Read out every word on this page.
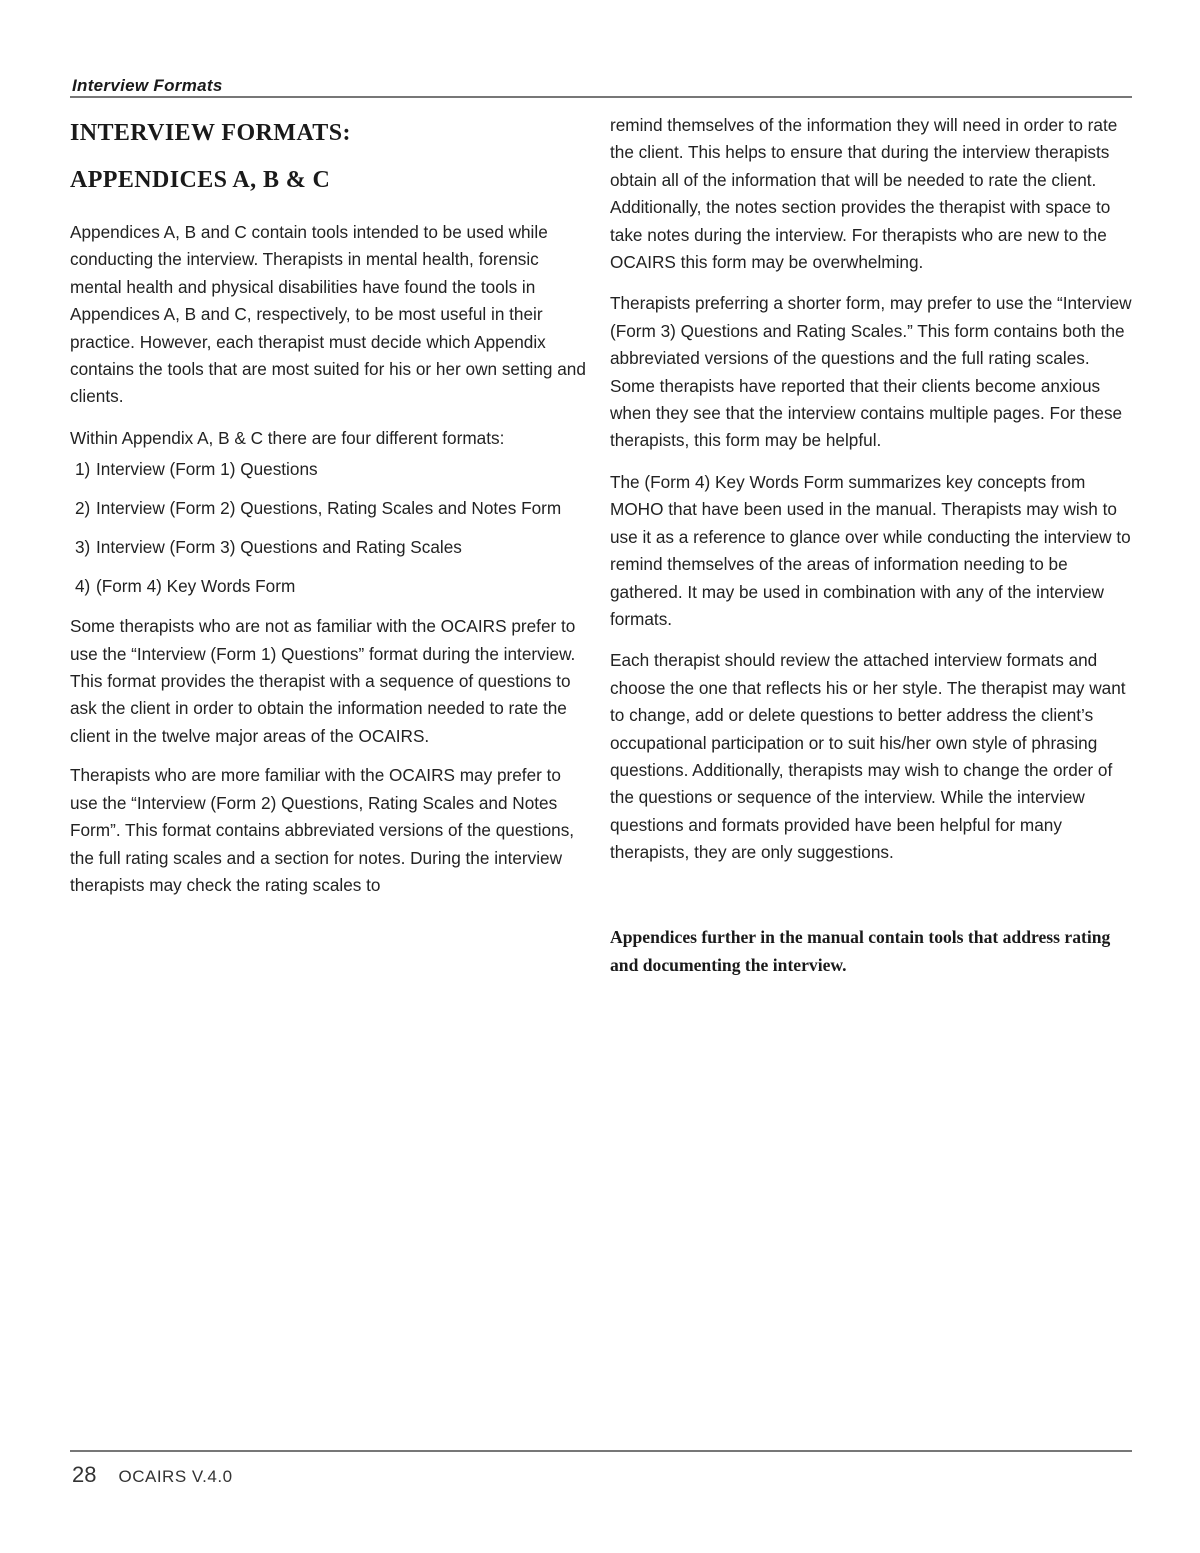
Interview Formats
INTERVIEW FORMATS:
APPENDICES A, B & C

Appendices A, B and C contain tools intended to be used while conducting the interview. Therapists in mental health, forensic mental health and physical disabilities have found the tools in Appendices A, B and C, respectively, to be most useful in their practice. However, each therapist must decide which Appendix contains the tools that are most suited for his or her own setting and clients.

Within Appendix A, B & C there are four different formats:

1) Interview (Form 1) Questions
2) Interview (Form 2) Questions, Rating Scales and Notes Form
3) Interview (Form 3) Questions and Rating Scales
4) (Form 4) Key Words Form

Some therapists who are not as familiar with the OCAIRS prefer to use the “Interview (Form 1) Questions” format during the interview. This format provides the therapist with a sequence of questions to ask the client in order to obtain the information needed to rate the client in the twelve major areas of the OCAIRS.

Therapists who are more familiar with the OCAIRS may prefer to use the “Interview (Form 2) Questions, Rating Scales and Notes Form”. This format contains abbreviated versions of the questions, the full rating scales and a section for notes. During the interview therapists may check the rating scales to

remind themselves of the information they will need in order to rate the client. This helps to ensure that during the interview therapists obtain all of the information that will be needed to rate the client. Additionally, the notes section provides the therapist with space to take notes during the interview. For therapists who are new to the OCAIRS this form may be overwhelming.

Therapists preferring a shorter form, may prefer to use the “Interview (Form 3) Questions and Rating Scales.” This form contains both the abbreviated versions of the questions and the full rating scales. Some therapists have reported that their clients become anxious when they see that the interview contains multiple pages. For these therapists, this form may be helpful.

The (Form 4) Key Words Form summarizes key concepts from MOHO that have been used in the manual. Therapists may wish to use it as a reference to glance over while conducting the interview to remind themselves of the areas of information needing to be gathered. It may be used in combination with any of the interview formats.

Each therapist should review the attached interview formats and choose the one that reflects his or her style. The therapist may want to change, add or delete questions to better address the client’s occupational participation or to suit his/her own style of phrasing questions. Additionally, therapists may wish to change the order of the questions or sequence of the interview. While the interview questions and formats provided have been helpful for many therapists, they are only suggestions.

Appendices further in the manual contain tools that address rating and documenting the interview.

28 OCAIRS V.4.0
